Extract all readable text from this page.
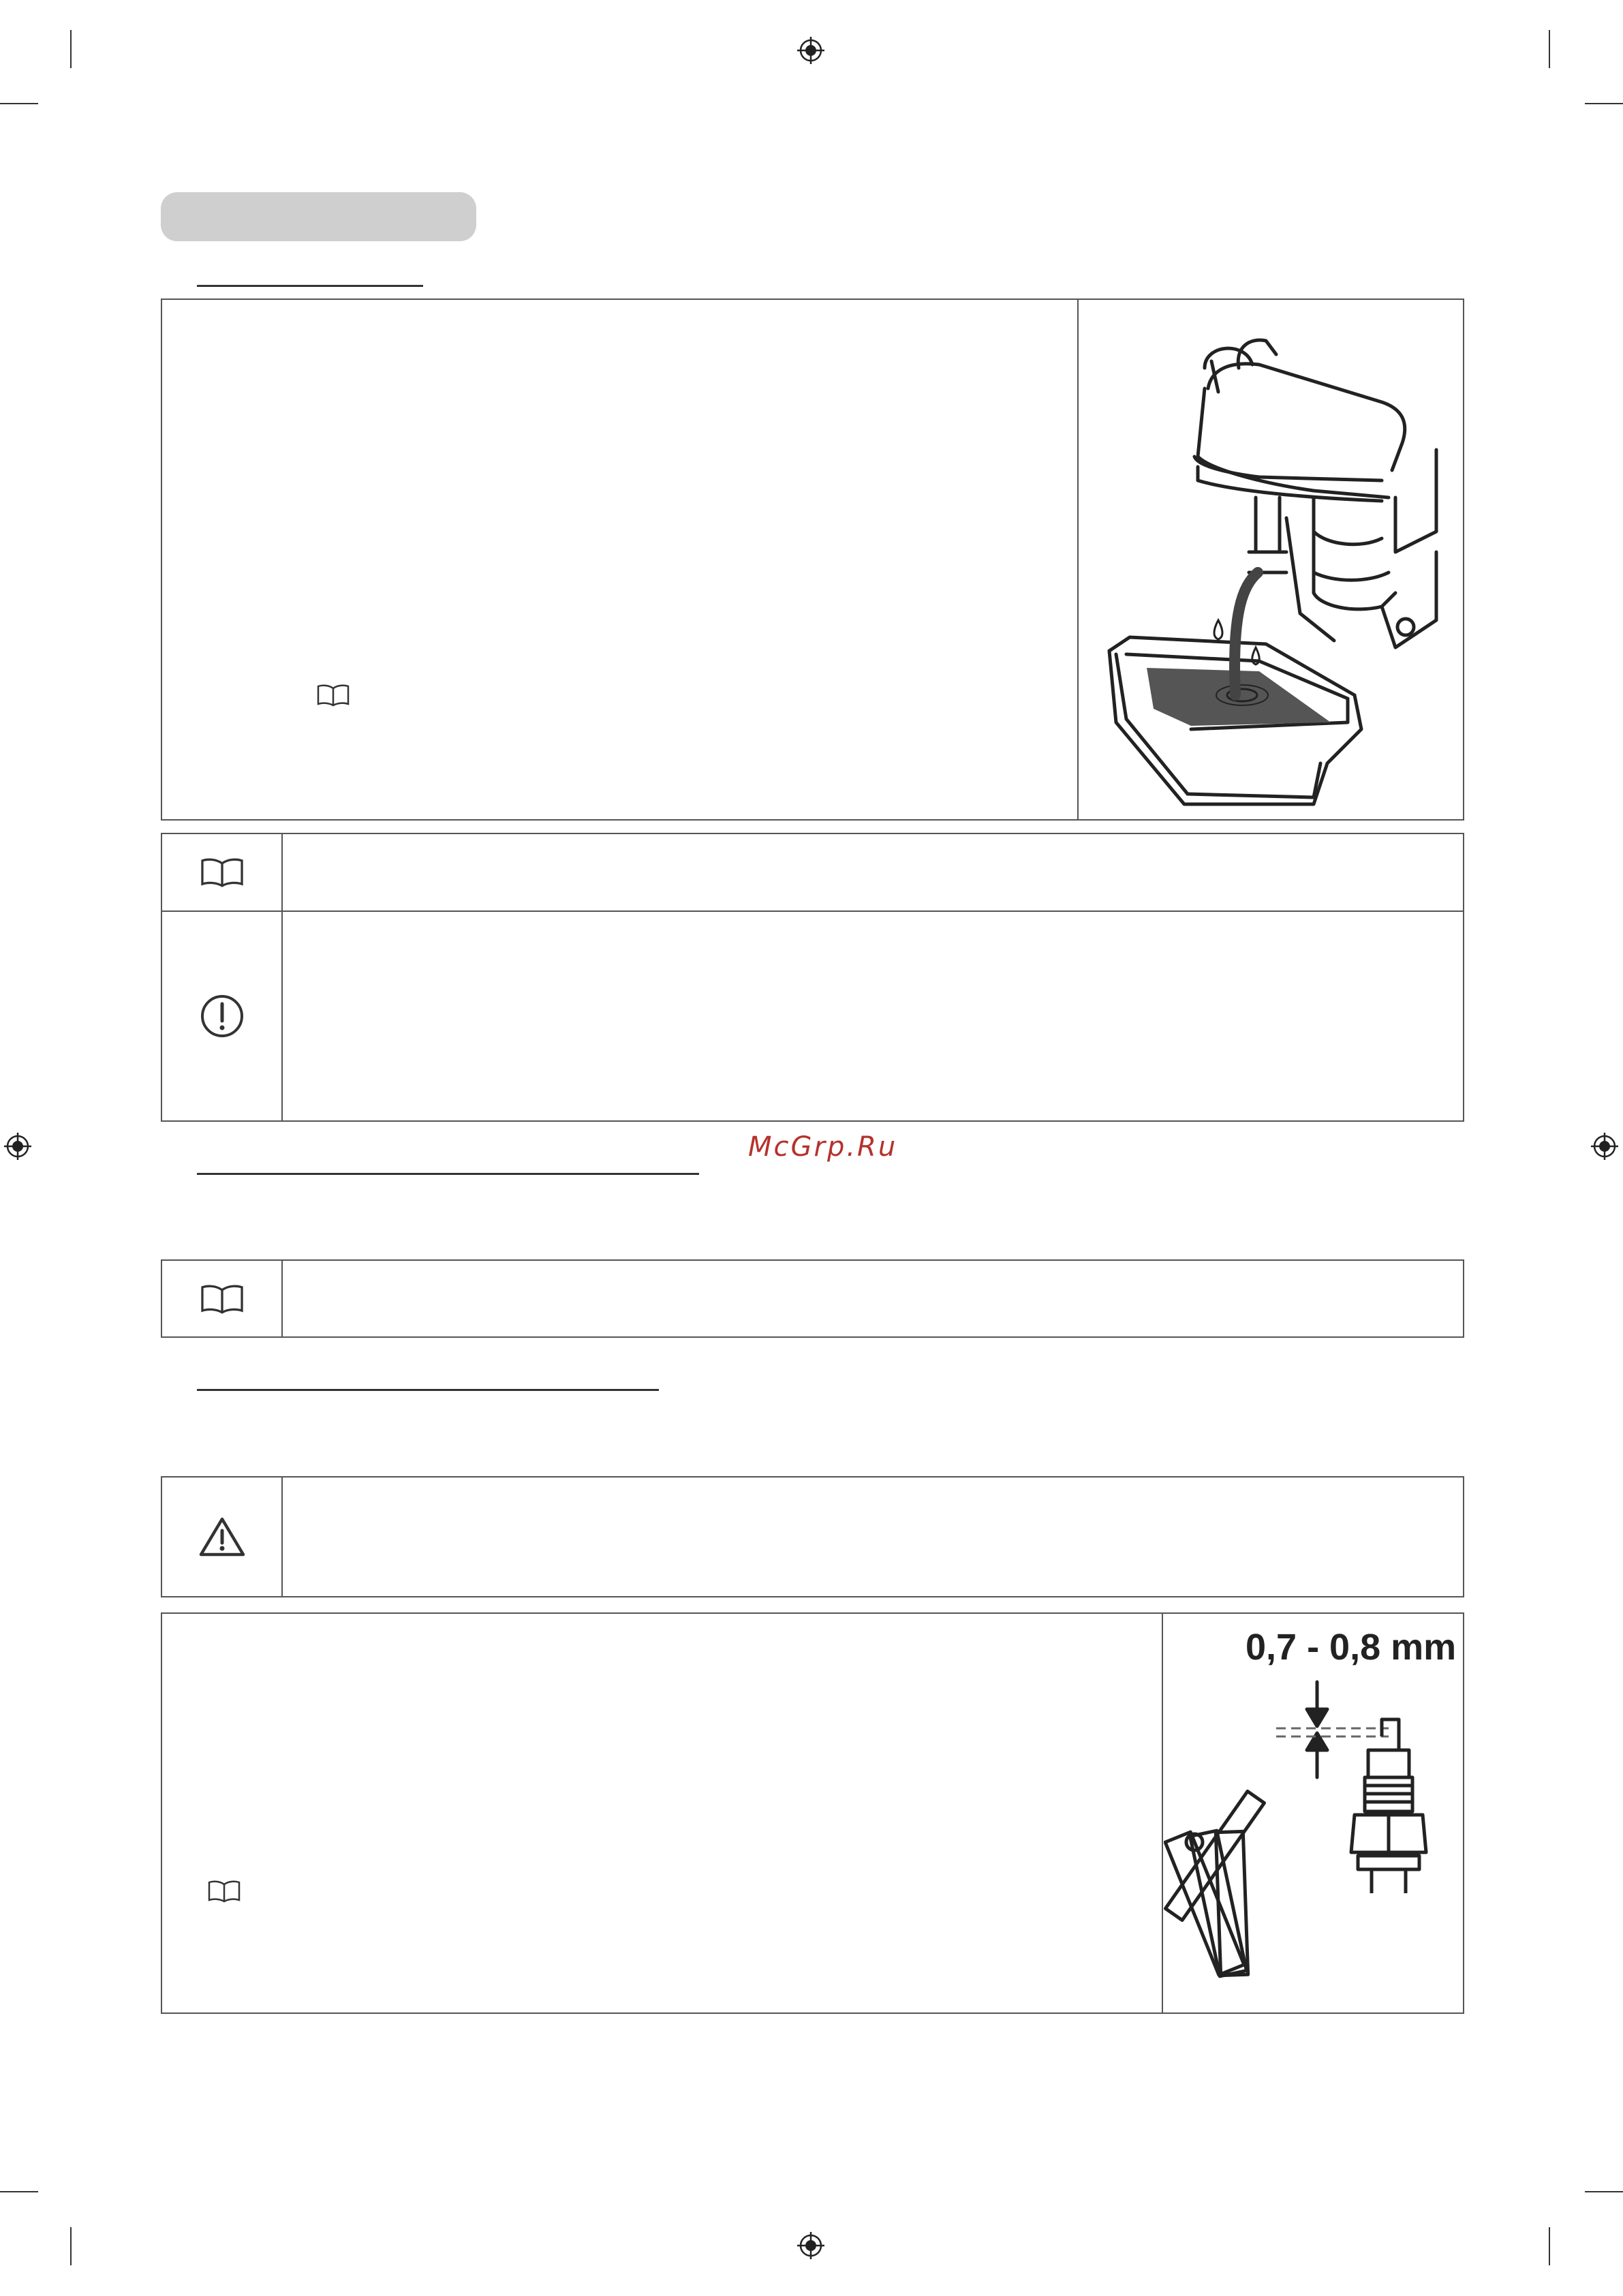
McGrp.Ru
0,7 - 0,8 mm
